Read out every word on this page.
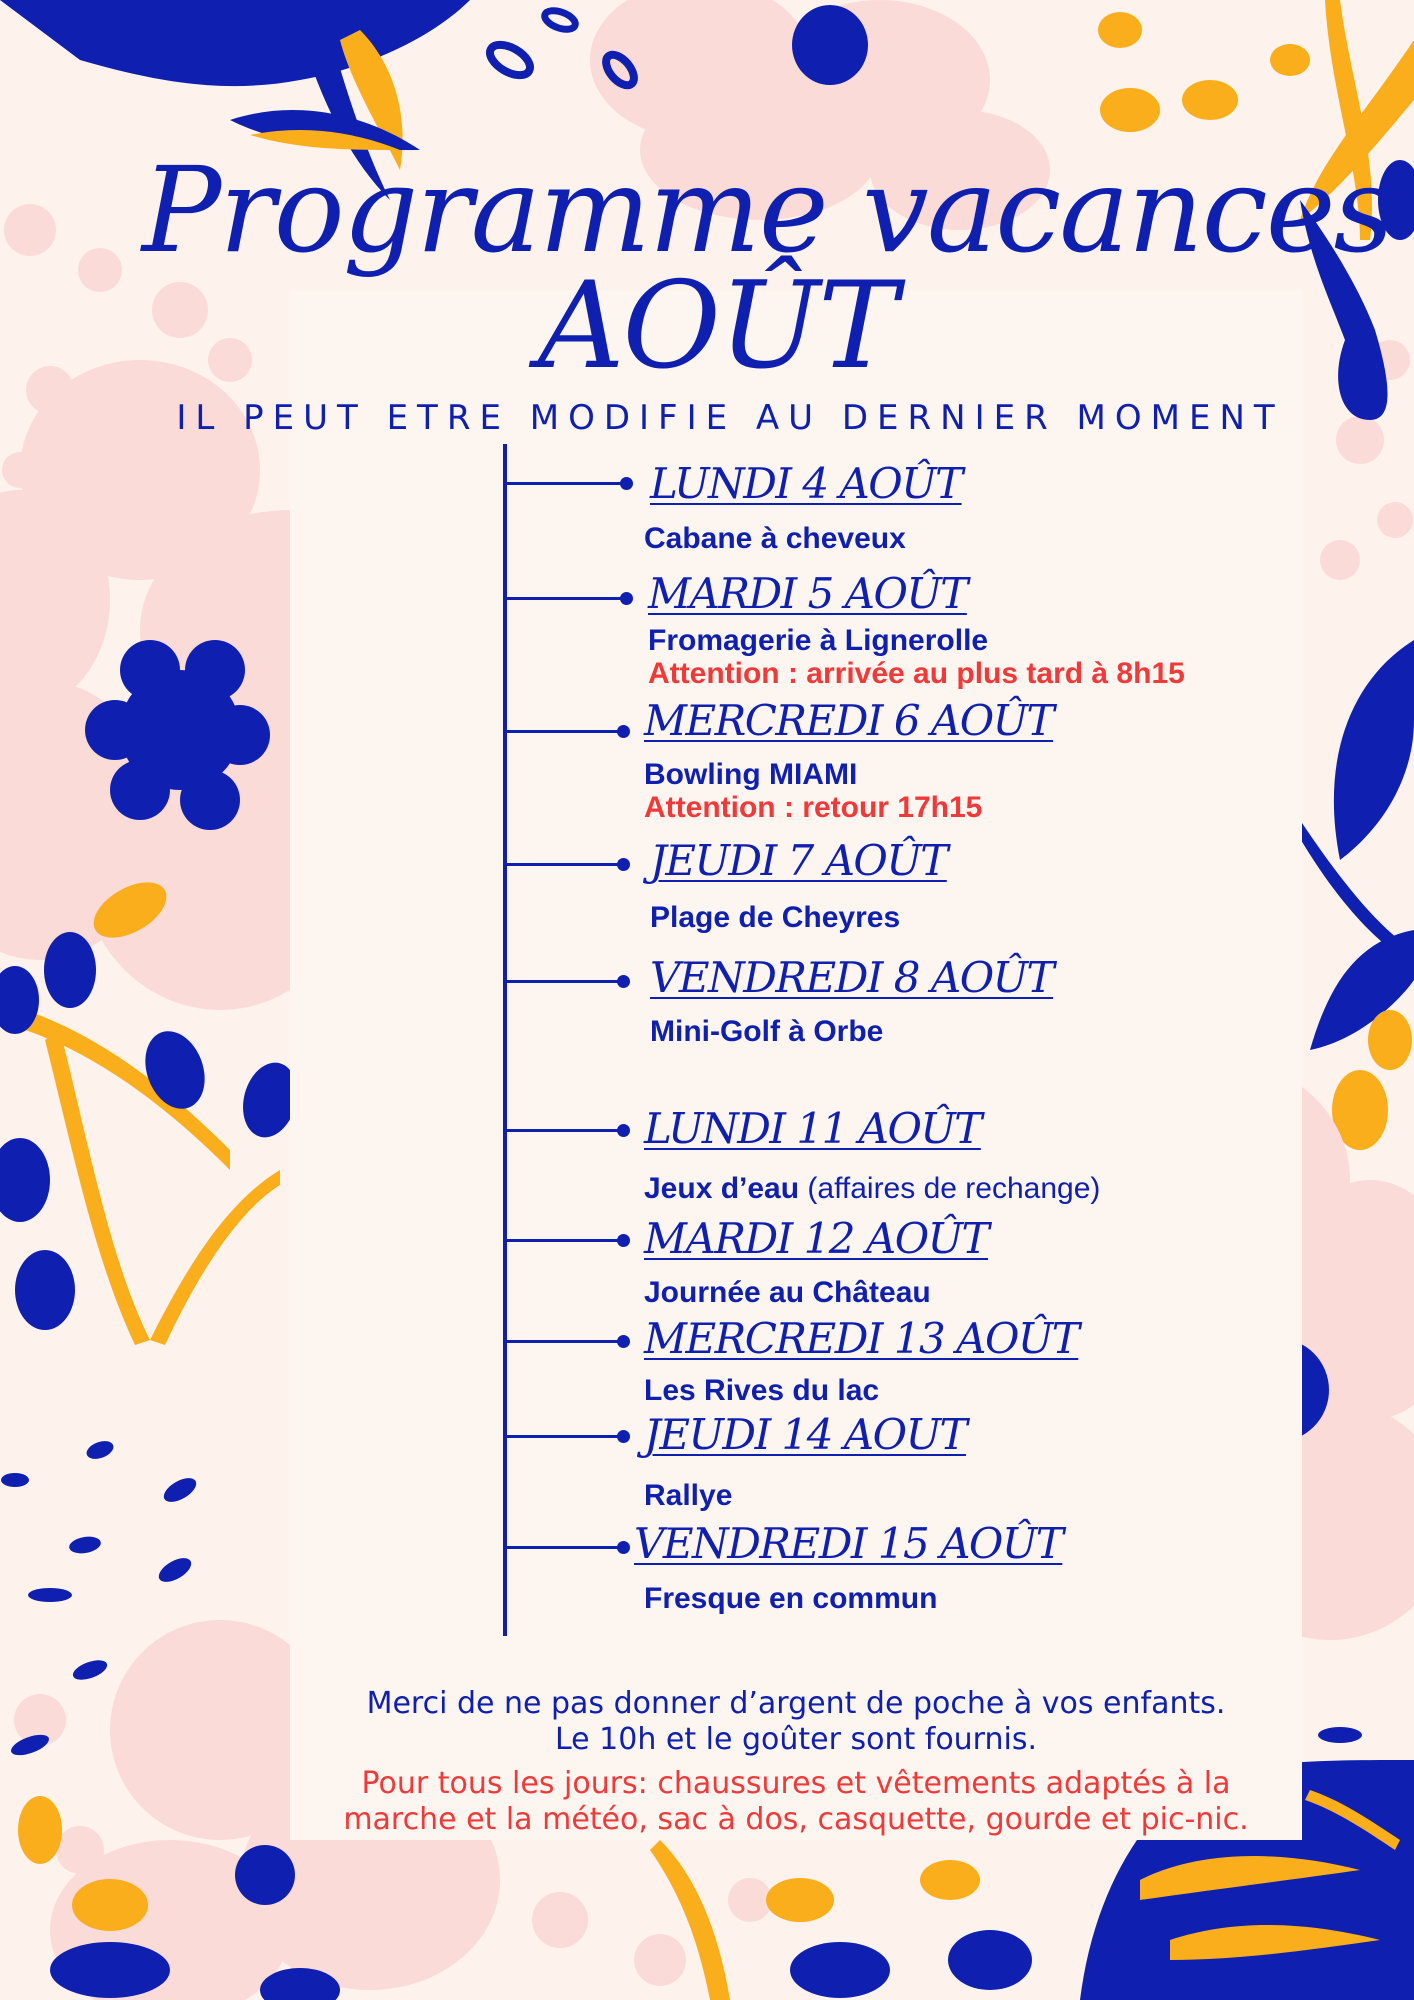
Programme vacances
AOÛT
IL PEUT ETRE MODIFIE AU DERNIER MOMENT
LUNDI 4 AOÛT
Cabane à cheveux
MARDI 5 AOÛT
Fromagerie à Lignerolle
Attention : arrivée au plus tard à 8h15
MERCREDI 6 AOÛT
Bowling MIAMI
Attention : retour 17h15
JEUDI 7 AOÛT
Plage de Cheyres
VENDREDI 8 AOÛT
Mini-Golf à Orbe
LUNDI 11 AOÛT
Jeux d’eau (affaires de rechange)
MARDI 12 AOÛT
Journée au Château
MERCREDI 13 AOÛT
Les Rives du lac
JEUDI 14 AOUT
Rallye
VENDREDI 15 AOÛT
Fresque en commun
Merci de ne pas donner d’argent de poche à vos enfants.
Le 10h et le goûter sont fournis.
Pour tous les jours: chaussures et vêtements adaptés à la
marche et la météo, sac à dos, casquette, gourde et pic-nic.
